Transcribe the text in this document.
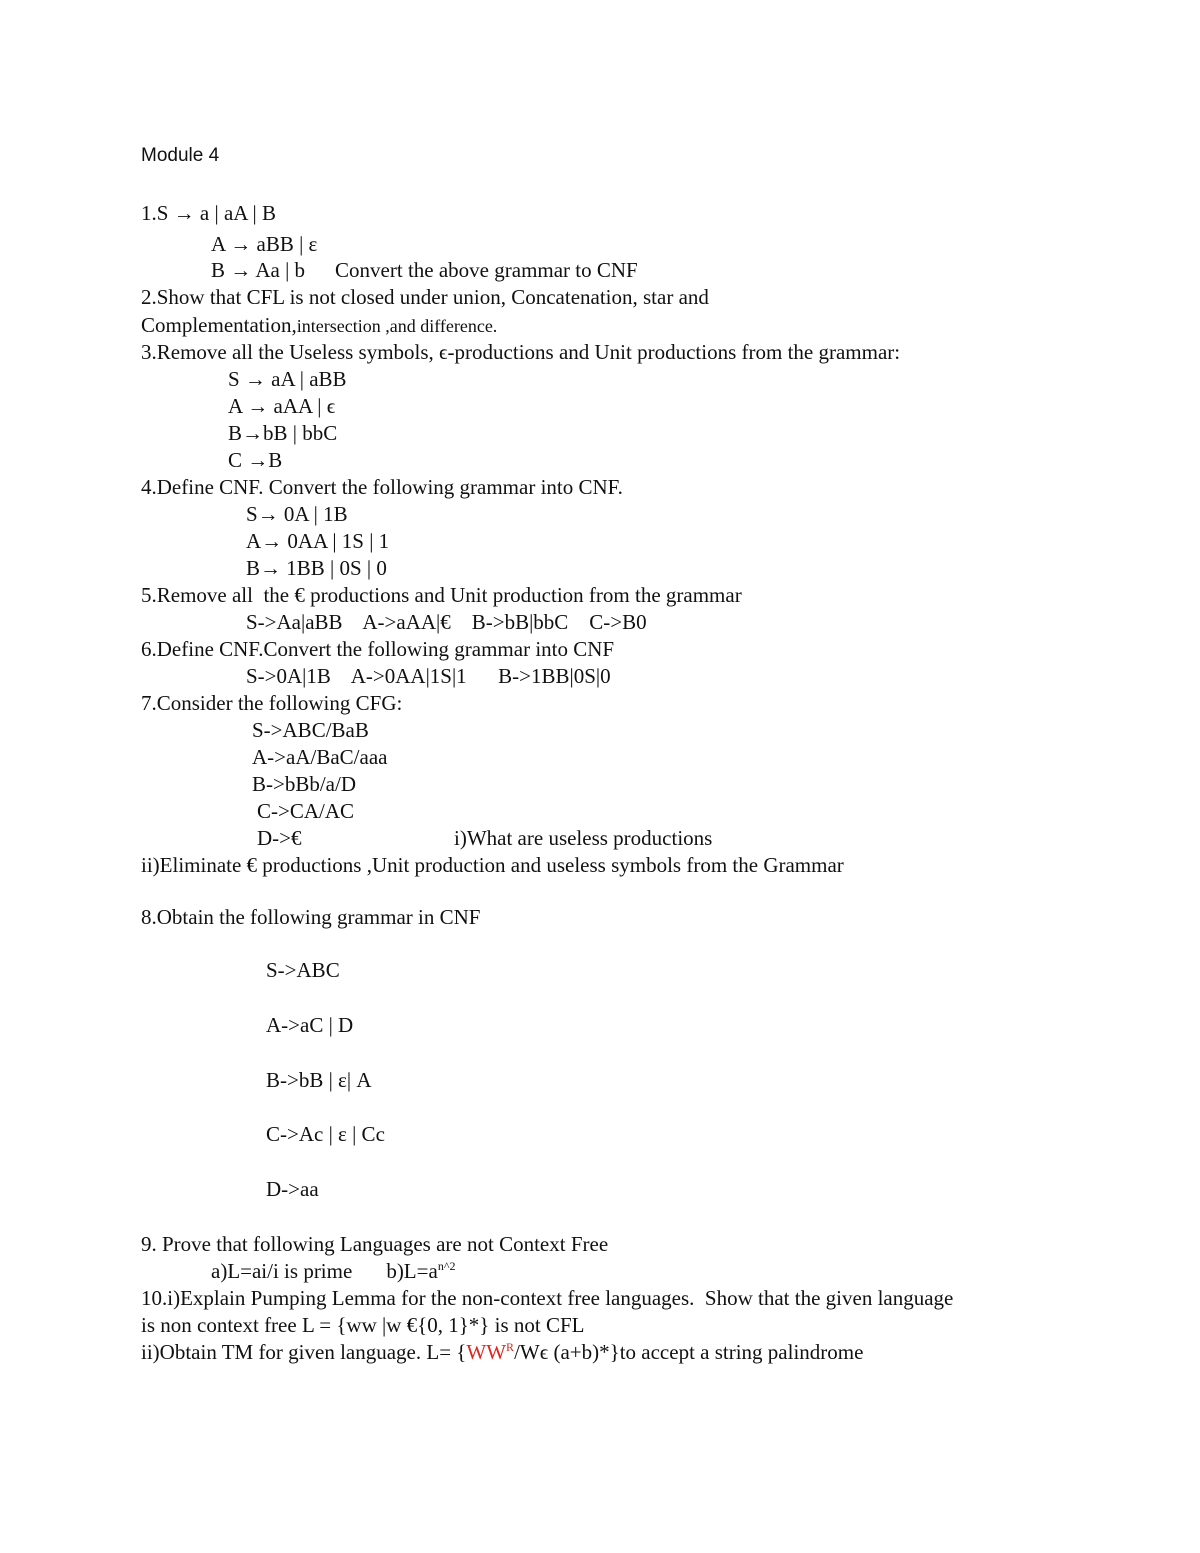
Module 4
1.S → a | aA | B
A → aBB | ε
B → Aa | b Convert the above grammar to CNF
2.Show that CFL is not closed under union, Concatenation, star and
Complementation,intersection ,and difference.
3.Remove all the Useless symbols, ϵ-productions and Unit productions from the grammar:
S → aA | aBB
A → aAA | ϵ
B→bB | bbC
C →B
4.Define CNF. Convert the following grammar into CNF.
S→ 0A | 1B
A→ 0AA | 1S | 1
B→ 1BB | 0S | 0
5.Remove all  the € productions and Unit production from the grammar
S->Aa|aBB    A->aAA|€    B->bB|bbC    C->B0
6.Define CNF.Convert the following grammar into CNF
S->0A|1B    A->0AA|1S|1      B->1BB|0S|0
7.Consider the following CFG:
S->ABC/BaB
A->aA/BaC/aaa
B->bBb/a/D
C->CA/AC
D->€	i)What are useless productions
ii)Eliminate € productions ,Unit production and useless symbols from the Grammar
8.Obtain the following grammar in CNF
S->ABC
A->aC | D
B->bB | ε| A
C->Ac | ε | Cc
D->aa
9. Prove that following Languages are not Context Free
a)L=ai/i is prime $b)L=a^{n\^{}2}$
10.i)Explain Pumping Lemma for the non-context free languages.  Show that the given language
is non context free L = {ww |w €{0, 1}*} is not CFL
ii)Obtain TM for given language. $L= \{WW^R/W\epsilon$ (a+b)*}to accept a string palindrome
